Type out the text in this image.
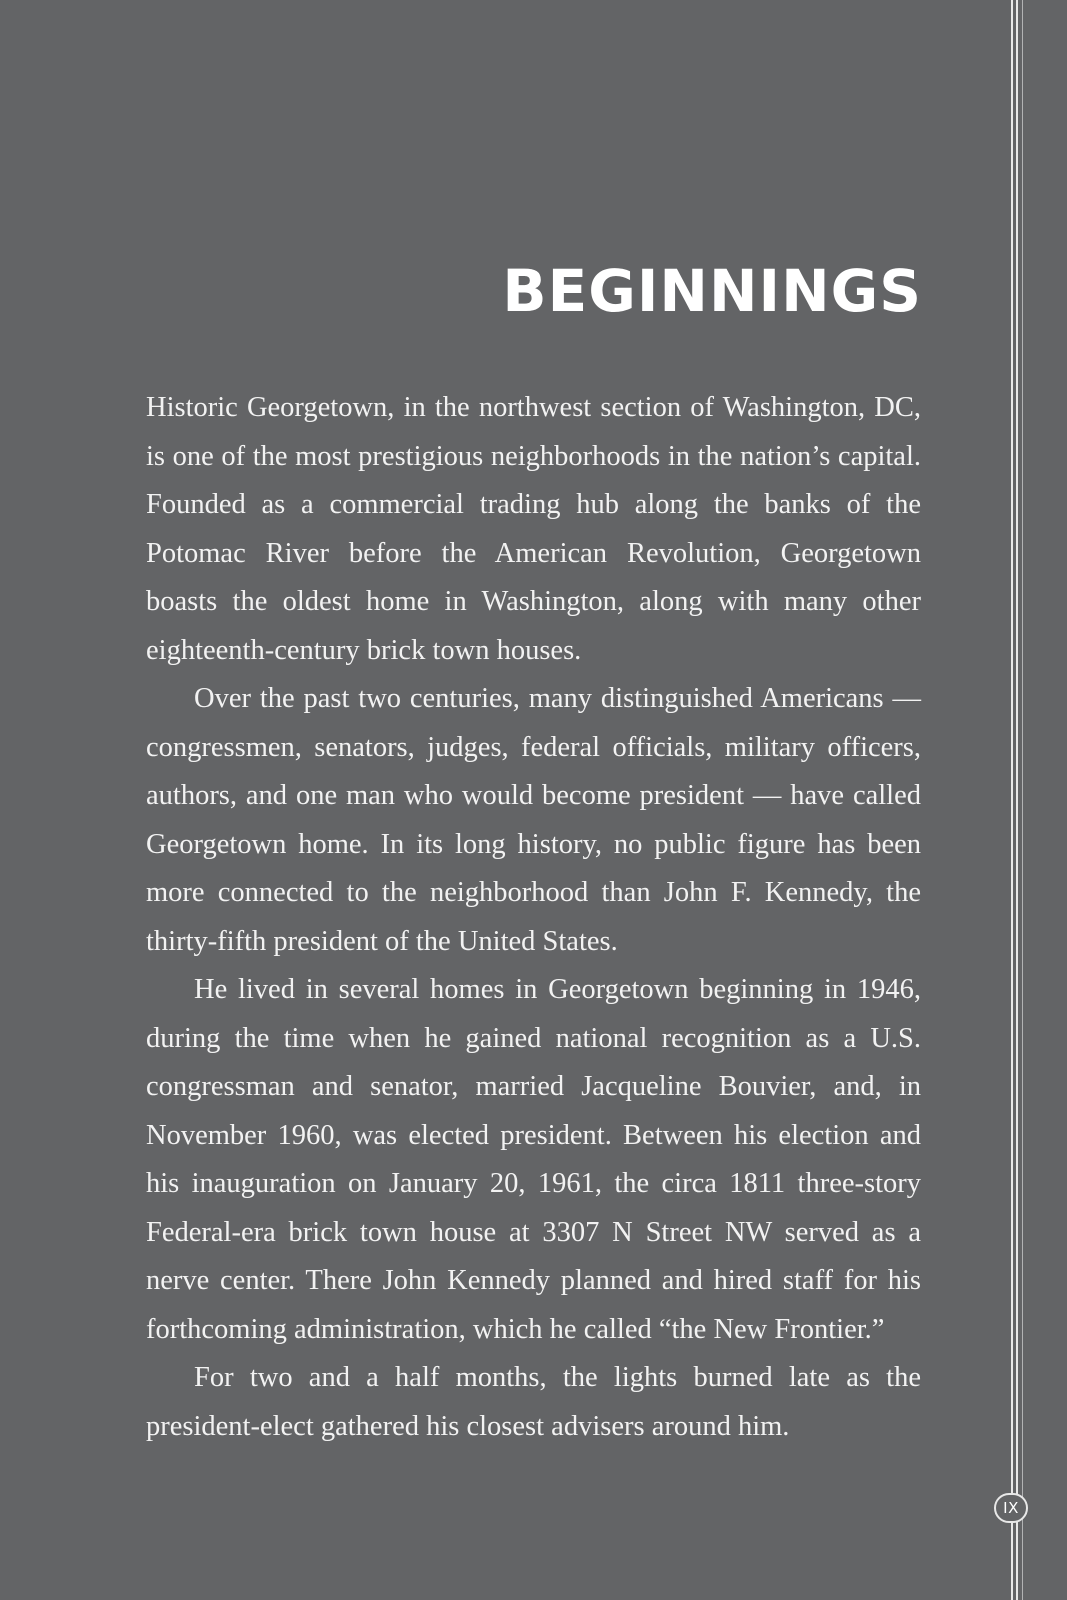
BEGINNINGS

Historic Georgetown, in the northwest section of Washington, DC, is one of the most prestigious neighborhoods in the nation’s capital. Founded as a commercial trading hub along the banks of the Potomac River before the American Revolution, Georgetown boasts the oldest home in Washington, along with many other eighteenth-century brick town houses.

Over the past two centuries, many distinguished Americans — congressmen, senators, judges, federal officials, military officers, authors, and one man who would become president — have called Georgetown home. In its long history, no public figure has been more connected to the neighborhood than John F. Kennedy, the thirty-fifth president of the United States.

He lived in several homes in Georgetown beginning in 1946, during the time when he gained national recognition as a U.S. congressman and senator, married Jacqueline Bouvier, and, in November 1960, was elected president. Between his election and his inauguration on January 20, 1961, the circa 1811 three-story Federal-era brick town house at 3307 N Street NW served as a nerve center. There John Kennedy planned and hired staff for his forthcoming administration, which he called “the New Frontier.”

For two and a half months, the lights burned late as the president-elect gathered his closest advisers around him.

IX
